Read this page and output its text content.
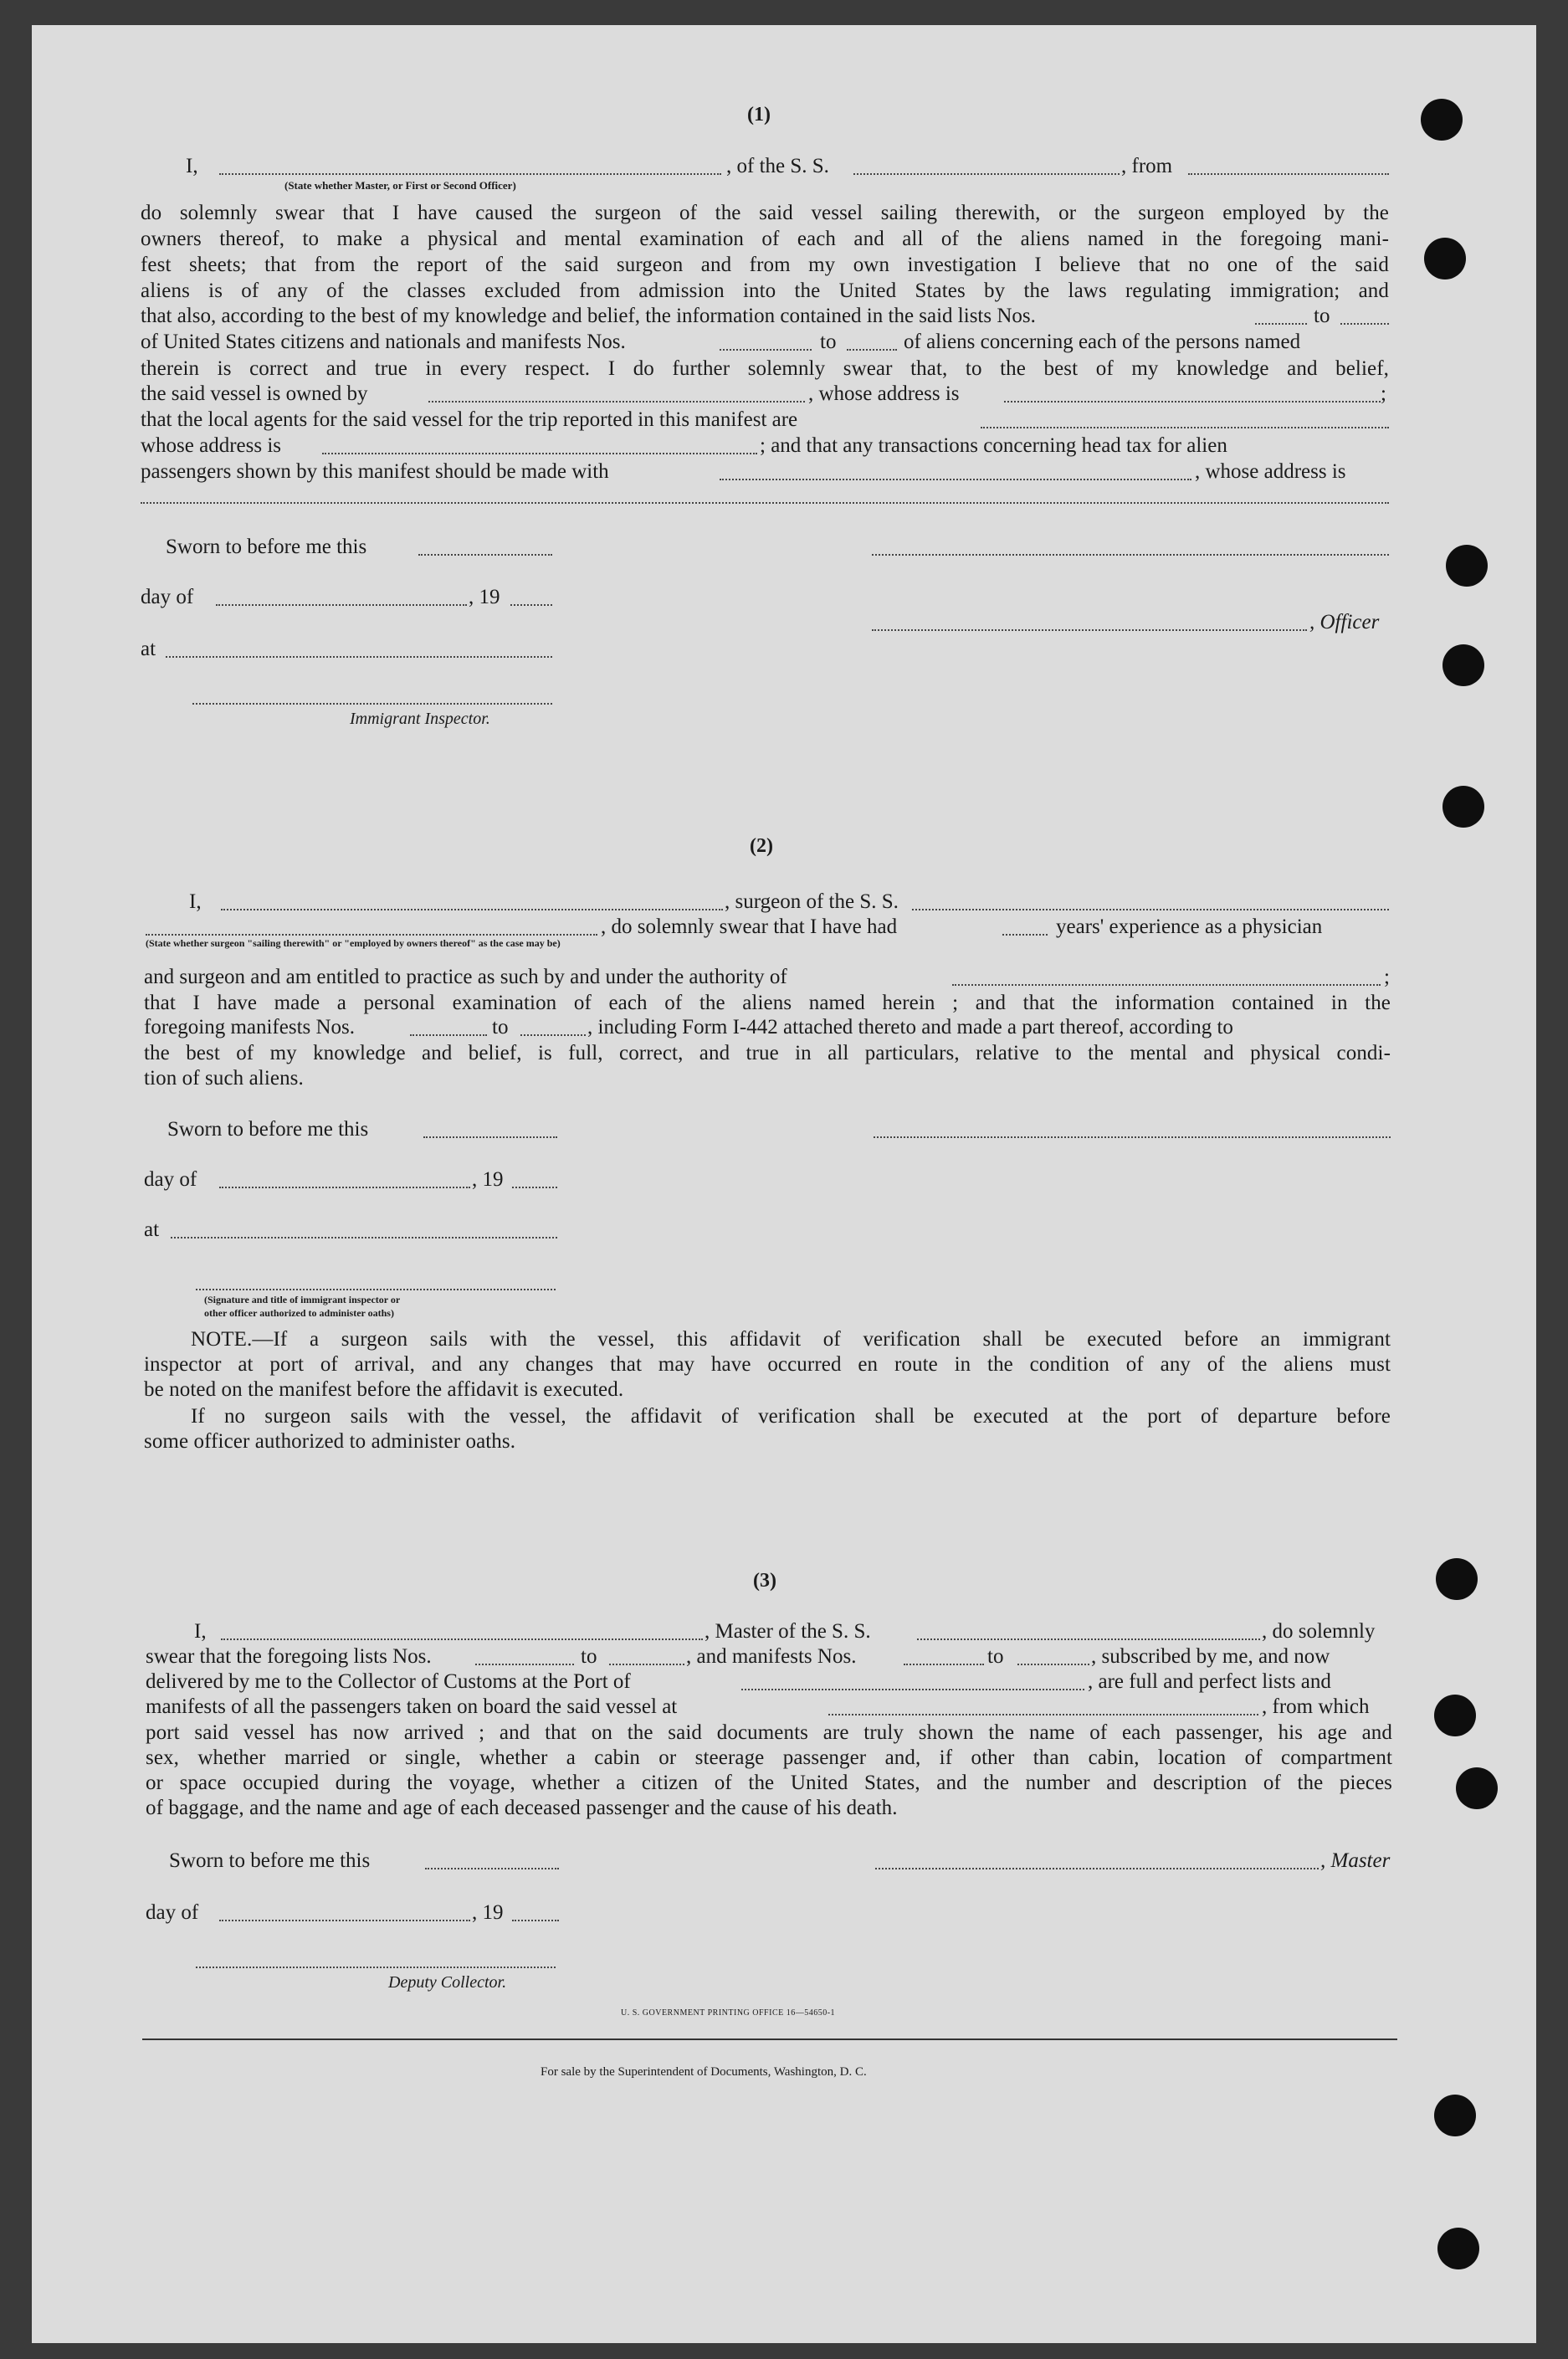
(1)
I,	, of the S. S.	, from
(State whether Master, or First or Second Officer)
do solemnly swear that I have caused the surgeon of the said vessel sailing therewith, or the surgeon employed by the
owners thereof, to make a physical and mental examination of each and all of the aliens named in the foregoing mani-
fest sheets; that from the report of the said surgeon and from my own investigation I believe that no one of the said
aliens is of any of the classes excluded from admission into the United States by the laws regulating immigration; and
that also, according to the best of my knowledge and belief, the information contained in the said lists Nos.	to
of United States citizens and nationals and manifests Nos.	to	of aliens concerning each of the persons named
therein is correct and true in every respect. I do further solemnly swear that, to the best of my knowledge and belief,
the said vessel is owned by	, whose address is	;
that the local agents for the said vessel for the trip reported in this manifest are
whose address is	; and that any transactions concerning head tax for alien
passengers shown by this manifest should be made with	, whose address is
Sworn to before me this
day of	, 19
, Officer
at
Immigrant Inspector.
(2)
I,	, surgeon of the S. S.
, do solemnly swear that I have had	years' experience as a physician
(State whether surgeon "sailing therewith" or "employed by owners thereof" as the case may be)
and surgeon and am entitled to practice as such by and under the authority of	;
that I have made a personal examination of each of the aliens named herein ; and that the information contained in the
foregoing manifests Nos.	to	, including Form I-442 attached thereto and made a part thereof, according to
the best of my knowledge and belief, is full, correct, and true in all particulars, relative to the mental and physical condi-
tion of such aliens.
Sworn to before me this
day of	, 19
at
(Signature and title of immigrant inspector or
other officer authorized to administer oaths)
NOTE.—If a surgeon sails with the vessel, this affidavit of verification shall be executed before an immigrant
inspector at port of arrival, and any changes that may have occurred en route in the condition of any of the aliens must
be noted on the manifest before the affidavit is executed.
If no surgeon sails with the vessel, the affidavit of verification shall be executed at the port of departure before
some officer authorized to administer oaths.
(3)
I,	, Master of the S. S.	, do solemnly
swear that the foregoing lists Nos.	to	, and manifests Nos.	to	, subscribed by me, and now
delivered by me to the Collector of Customs at the Port of	, are full and perfect lists and
manifests of all the passengers taken on board the said vessel at	, from which
port said vessel has now arrived ; and that on the said documents are truly shown the name of each passenger, his age and
sex, whether married or single, whether a cabin or steerage passenger and, if other than cabin, location of compartment
or space occupied during the voyage, whether a citizen of the United States, and the number and description of the pieces
of baggage, and the name and age of each deceased passenger and the cause of his death.
Sworn to before me this	, Master
day of	, 19
Deputy Collector.
U. S. GOVERNMENT PRINTING OFFICE 16—54650-1
For sale by the Superintendent of Documents, Washington, D. C.
